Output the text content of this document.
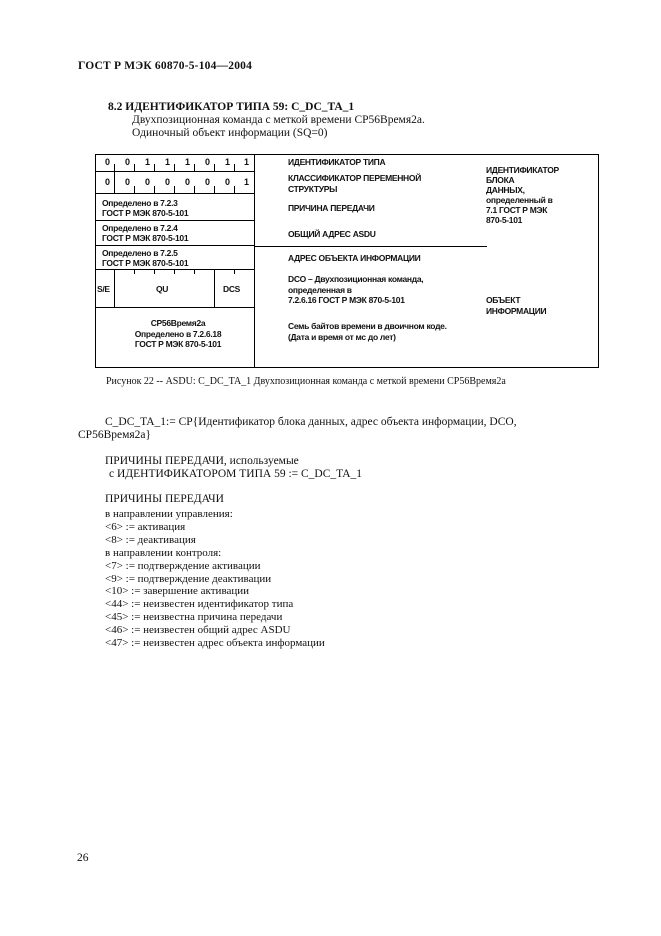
ГОСТ Р МЭК 60870-5-104—2004
8.2 ИДЕНТИФИКАТОР ТИПА 59: C_DC_TA_1
Двухпозиционная команда с меткой времени СР56Время2а.
Одиночный объект информации (SQ=0)
0	0	1	1	1	0	1	1
0	0	0	0	0	0	0	1
Определено в 7.2.3
ГОСТ Р МЭК 870-5-101
Определено в 7.2.4
ГОСТ Р МЭК 870-5-101
Определено в 7.2.5
ГОСТ Р МЭК 870-5-101
S/E	QU	DCS
CP56Время2а
Определено в 7.2.6.18
ГОСТ Р МЭК 870-5-101
ИДЕНТИФИКАТОР ТИПА
КЛАССИФИКАТОР ПЕРЕМЕННОЙ
СТРУКТУРЫ
ПРИЧИНА ПЕРЕДАЧИ
ОБЩИЙ АДРЕС ASDU
АДРЕС ОБЪЕКТА ИНФОРМАЦИИ
DCO – Двухпозиционная команда,
определенная в
7.2.6.16 ГОСТ Р МЭК 870-5-101
Семь байтов времени в двоичном коде.
(Дата и время от мс до лет)
ИДЕНТИФИКАТОР
БЛОКА
ДАННЫХ,
определенный в
7.1 ГОСТ Р МЭК
870-5-101
ОБЪЕКТ
ИНФОРМАЦИИ
Рисунок 22 -- ASDU: C_DC_TA_1 Двухпозиционная команда с меткой времени CP56Время2а
C_DC_TA_1:= CP{Идентификатор блока данных, адрес объекта информации, DCO,
CP56Время2а}
ПРИЧИНЫ ПЕРЕДАЧИ, используемые
с ИДЕНТИФИКАТОРОМ ТИПА 59 := C_DC_TA_1
ПРИЧИНЫ ПЕРЕДАЧИ
в направлении управления:
<6> := активация
<8> := деактивация
в направлении контроля:
<7> := подтверждение активации
<9> := подтверждение деактивации
<10> := завершение активации
<44> := неизвестен идентификатор типа
<45> := неизвестна причина передачи
<46> := неизвестен общий адрес ASDU
<47> := неизвестен адрес объекта информации
26
